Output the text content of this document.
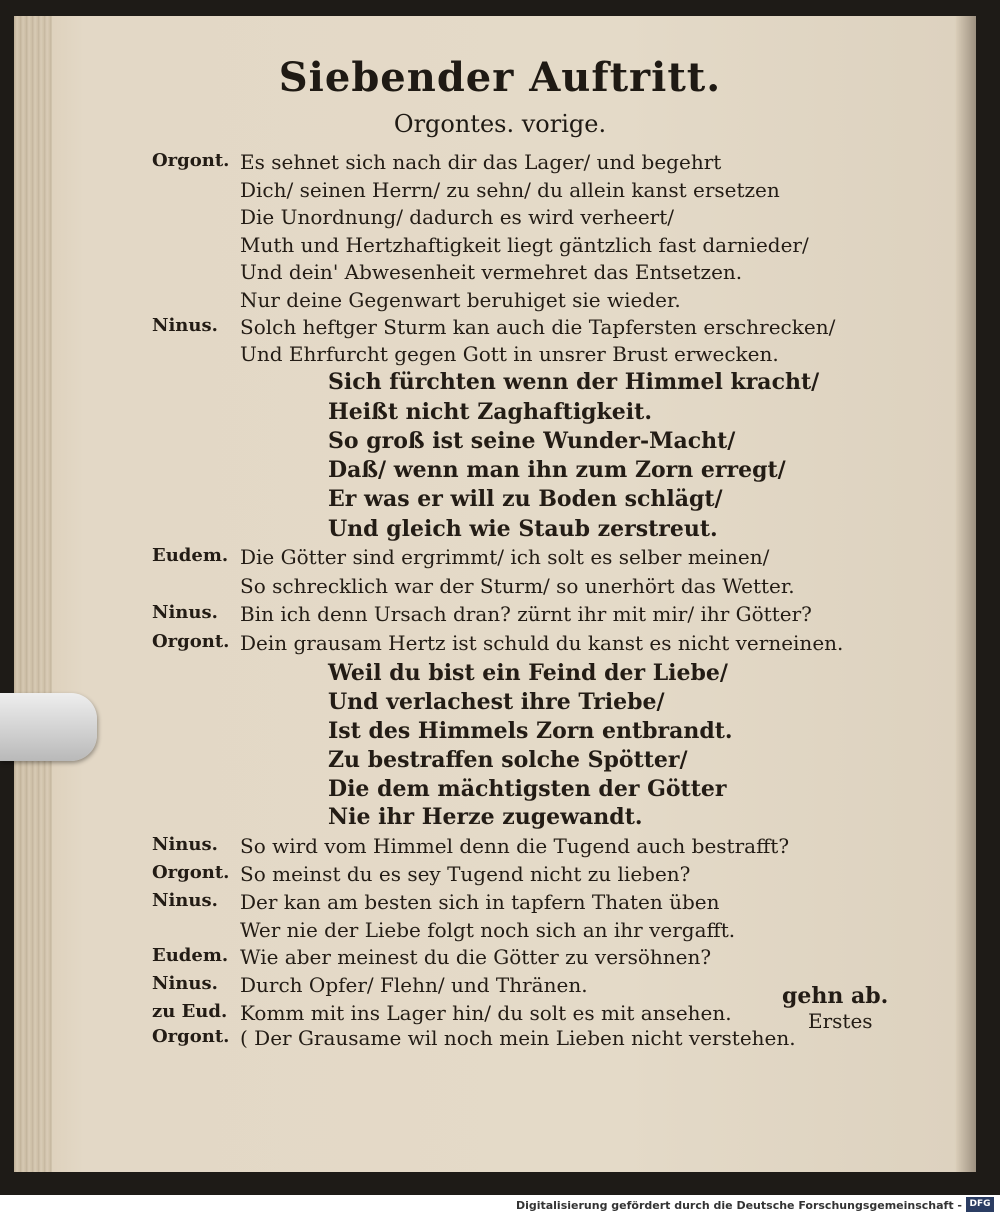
Siebender Auftritt.
Orgontes. vorige.
Orgont. Es sehnet sich nach dir das Lager/ und begehrt
Dich/ seinen Herrn/ zu sehn/ du allein kanst ersetzen
Die Unordnung/ dadurch es wird verheert/
Muth und Hertzhaftigkeit liegt gäntzlich fast darnieder/
Und dein' Abwesenheit vermehret das Entsetzen.
Nur deine Gegenwart beruhiget sie wieder.
Ninus. Solch heftger Sturm kan auch die Tapfersten erschrecken/
Und Ehrfurcht gegen Gott in unsrer Brust erwecken.
Sich fürchten wenn der Himmel kracht/
Heißt nicht Zaghaftigkeit.
So groß ist seine Wunder-Macht/
Daß/ wenn man ihn zum Zorn erregt/
Er was er will zu Boden schlägt/
Und gleich wie Staub zerstreut.
Eudem. Die Götter sind ergrimmt/ ich solt es selber meinen/
So schrecklich war der Sturm/ so unerhört das Wetter.
Ninus. Bin ich denn Ursach dran? zürnt ihr mit mir/ ihr Götter?
Orgont. Dein grausam Hertz ist schuld du kanst es nicht verneinen.
Weil du bist ein Feind der Liebe/
Und verlachest ihre Triebe/
Ist des Himmels Zorn entbrandt.
Zu bestraffen solche Spötter/
Die dem mächtigsten der Götter
Nie ihr Herze zugewandt.
Ninus. So wird vom Himmel denn die Tugend auch bestrafft?
Orgont. So meinst du es sey Tugend nicht zu lieben?
Ninus. Der kan am besten sich in tapfern Thaten üben
Wer nie der Liebe folgt noch sich an ihr vergafft.
Eudem. Wie aber meinest du die Götter zu versöhnen?
Ninus. Durch Opfer/ Flehn/ und Thränen.
zu Eud. Komm mit ins Lager hin/ du solt es mit ansehen.
Orgont. ( Der Grausame wil noch mein Lieben nicht verstehen.
gehn ab.
Erstes
Digitalisierung gefördert durch die Deutsche Forschungsgemeinschaft - DFG
